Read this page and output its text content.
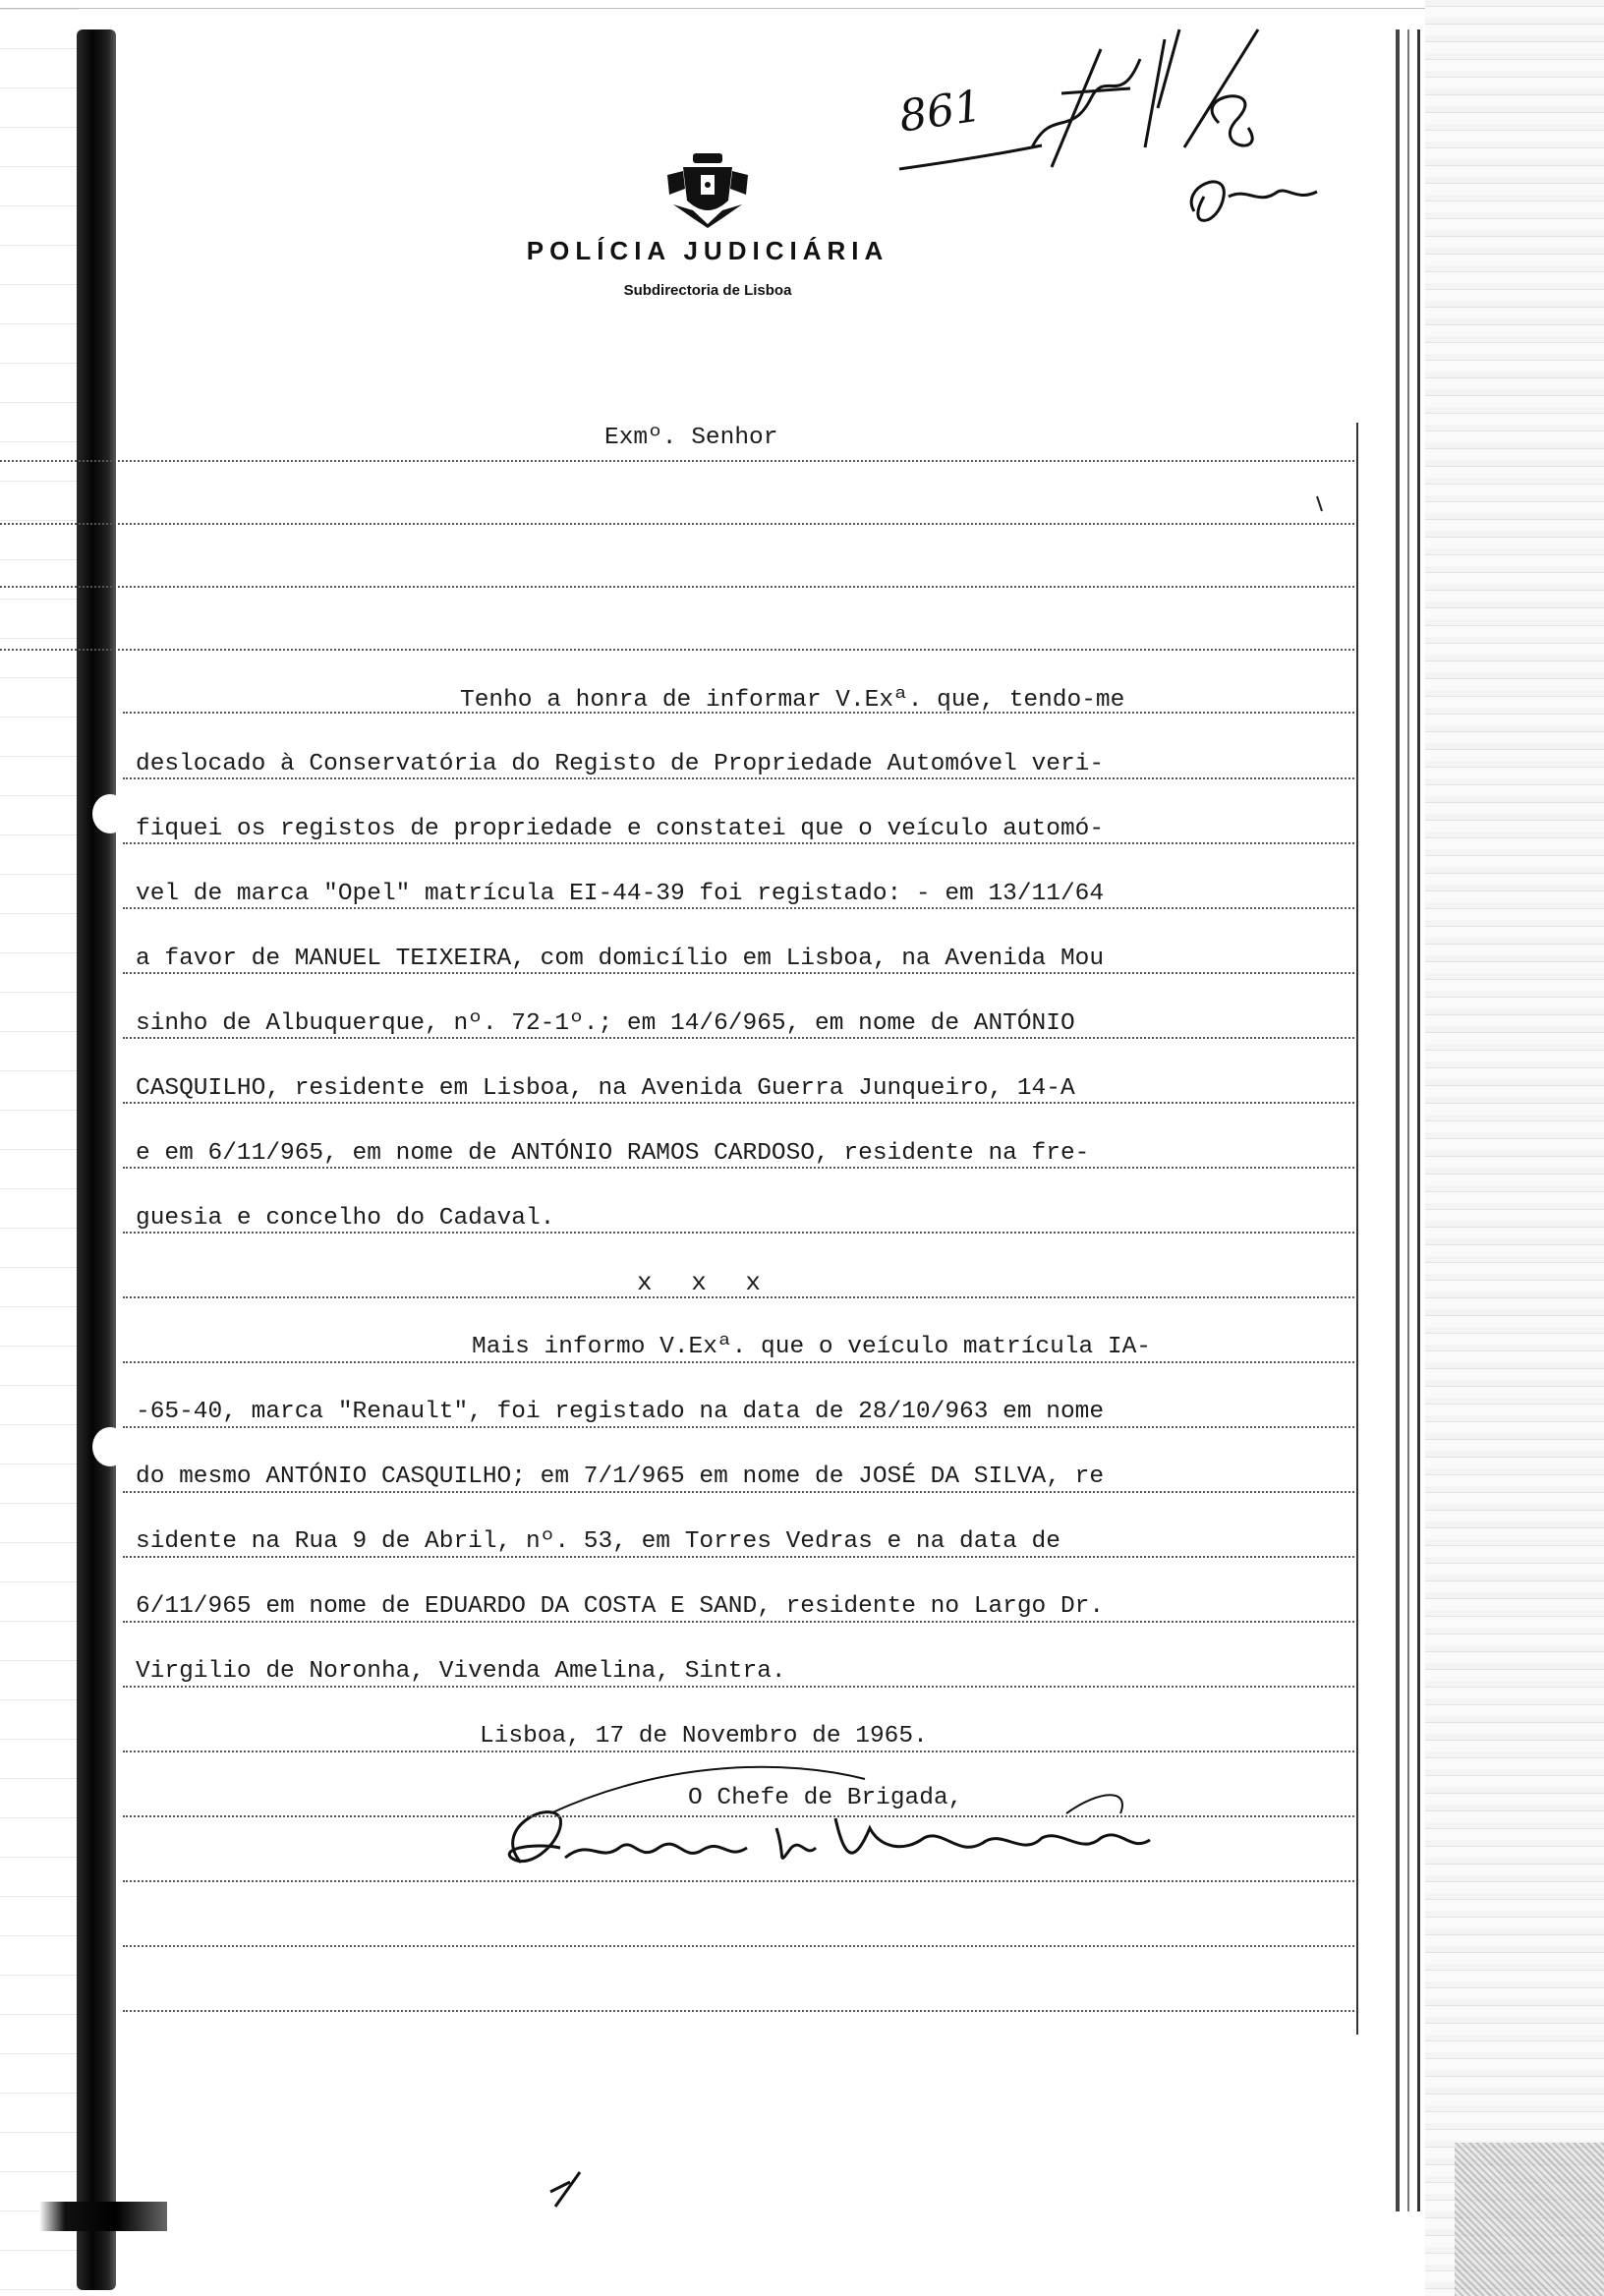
861
POLÍCIA JUDICIÁRIA
Subdirectoria de Lisboa

Exmº. Senhor

Tenho a honra de informar V.Exª. que, tendo-me

deslocado à Conservatória do Registo de Propriedade Automóvel veri-

fiquei os registos de propriedade e constatei que o veículo automó-

vel de marca "Opel" matrícula EI-44-39 foi registado: - em 13/11/64

a favor de MANUEL TEIXEIRA, com domicílio em Lisboa, na Avenida Mou

sinho de Albuquerque, nº. 72-1º.; em 14/6/965, em nome de ANTÓNIO

CASQUILHO, residente em Lisboa, na Avenida Guerra Junqueiro, 14-A

e em 6/11/965, em nome de ANTÓNIO RAMOS CARDOSO, residente na fre-

guesia e concelho do Cadaval.

x x x

Mais informo V.Exª. que o veículo matrícula IA-

-65-40, marca "Renault", foi registado na data de 28/10/963 em nome

do mesmo ANTÓNIO CASQUILHO; em 7/1/965 em nome de JOSÉ DA SILVA, re

sidente na Rua 9 de Abril, nº. 53, em Torres Vedras e na data de

6/11/965 em nome de EDUARDO DA COSTA E SAND, residente no Largo Dr.

Virgilio de Noronha, Vivenda Amelina, Sintra.

Lisboa, 17 de Novembro de 1965.

O Chefe de Brigada,
